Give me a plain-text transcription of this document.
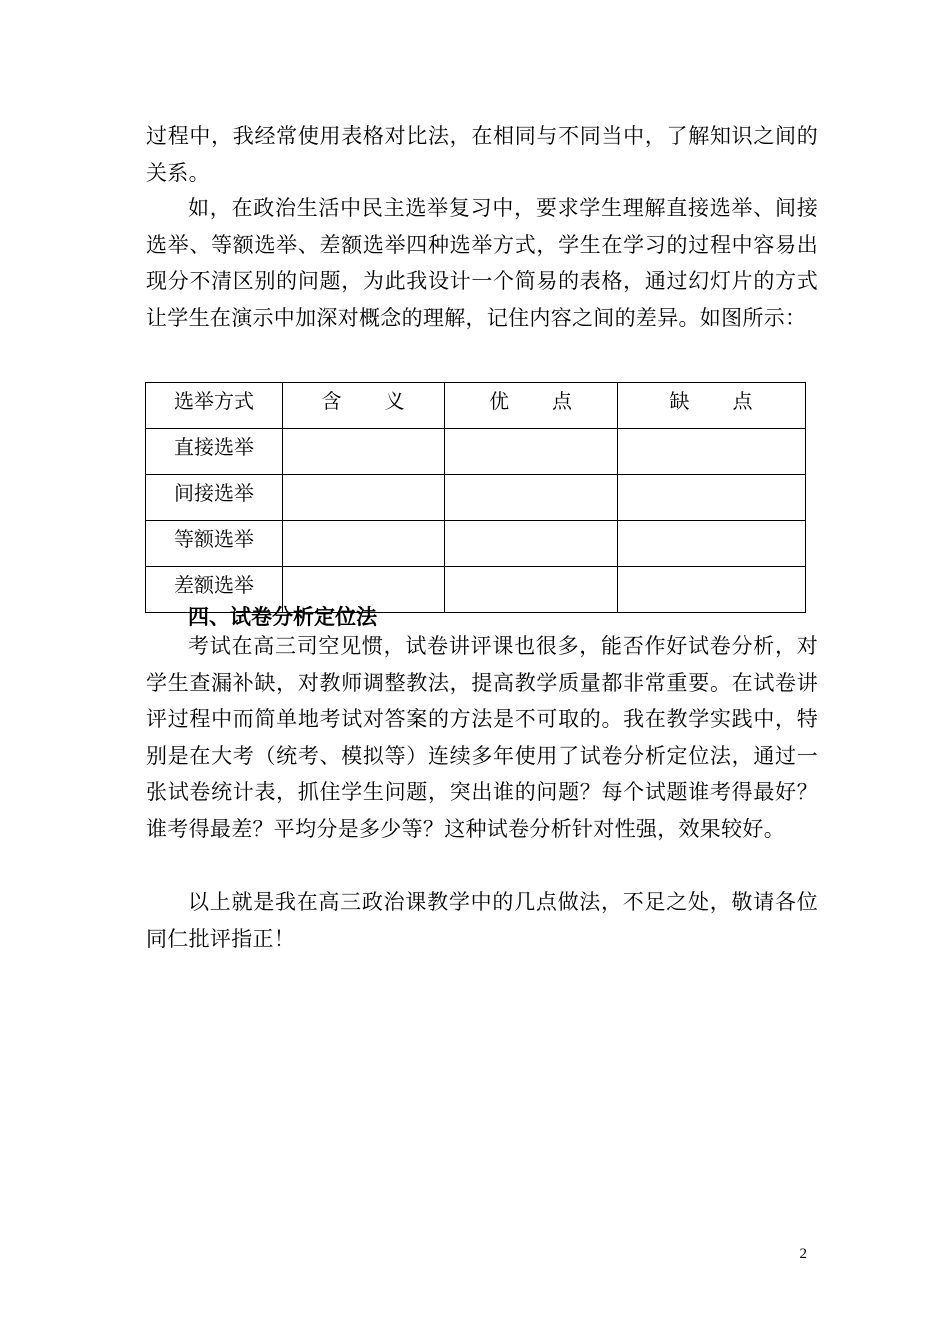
过程中，我经常使用表格对比法，在相同与不同当中，了解知识之间的关系。

如，在政治生活中民主选举复习中，要求学生理解直接选举、间接选举、等额选举、差额选举四种选举方式，学生在学习的过程中容易出现分不清区别的问题，为此我设计一个简易的表格，通过幻灯片的方式让学生在演示中加深对概念的理解，记住内容之间的差异。如图所示：

选举方式	含　　义	优　　点	缺　　点
直接选举			
间接选举			
等额选举			
差额选举			
四、试卷分析定位法

考试在高三司空见惯，试卷讲评课也很多，能否作好试卷分析，对学生查漏补缺，对教师调整教法，提高教学质量都非常重要。在试卷讲评过程中而简单地考试对答案的方法是不可取的。我在教学实践中，特别是在大考（统考、模拟等）连续多年使用了试卷分析定位法，通过一张试卷统计表，抓住学生问题，突出谁的问题？每个试题谁考得最好？谁考得最差？平均分是多少等？这种试卷分析针对性强，效果较好。

以上就是我在高三政治课教学中的几点做法，不足之处，敬请各位同仁批评指正！

2
